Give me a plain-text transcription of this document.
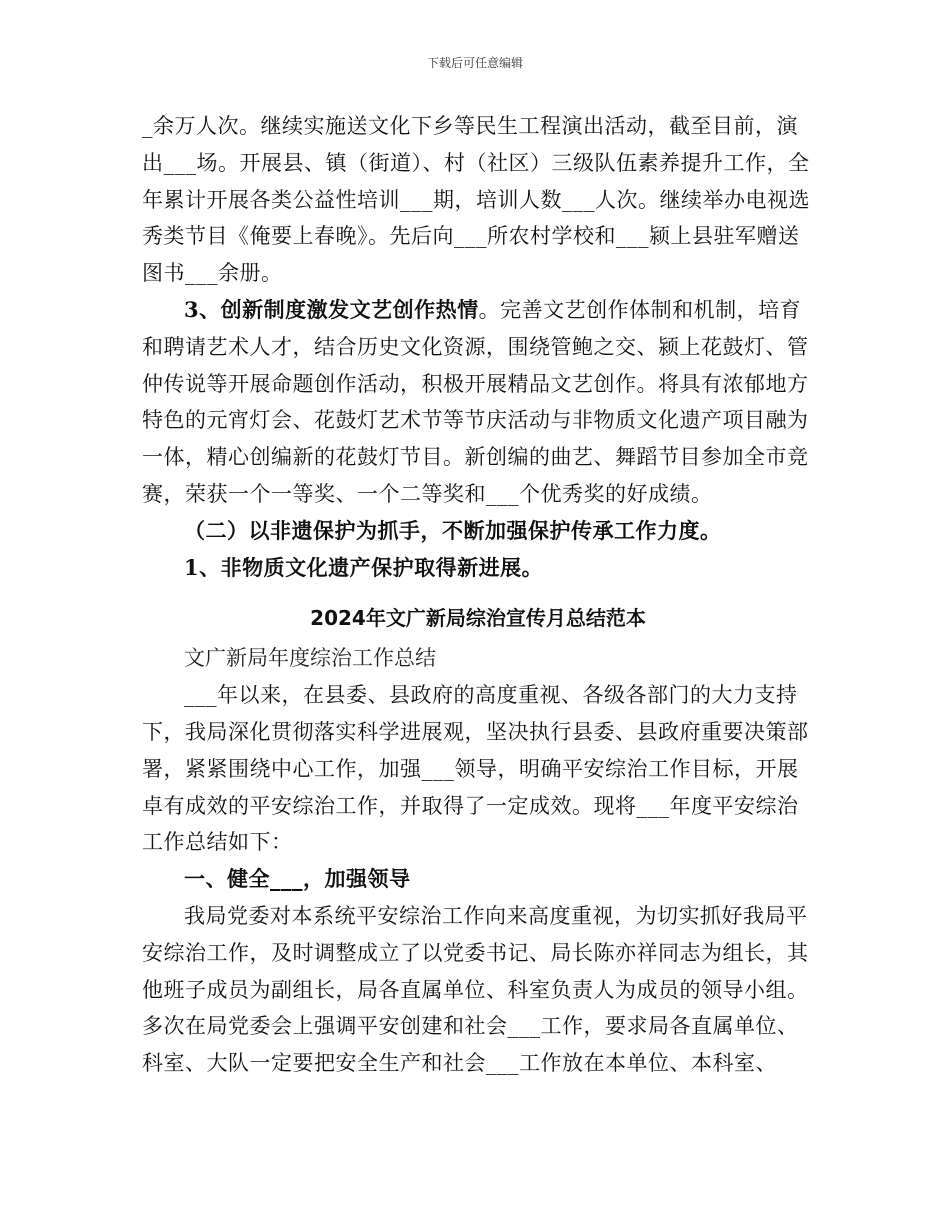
下载后可任意编辑

_余万人次。继续实施送文化下乡等民生工程演出活动，截至目前，演出___场。开展县、镇（街道）、村（社区）三级队伍素养提升工作，全年累计开展各类公益性培训___期，培训人数___人次。继续举办电视选秀类节目《俺要上春晚》。先后向___所农村学校和___颍上县驻军赠送图书___余册。

3、创新制度激发文艺创作热情。完善文艺创作体制和机制，培育和聘请艺术人才，结合历史文化资源，围绕管鲍之交、颍上花鼓灯、管仲传说等开展命题创作活动，积极开展精品文艺创作。将具有浓郁地方特色的元宵灯会、花鼓灯艺术节等节庆活动与非物质文化遗产项目融为一体，精心创编新的花鼓灯节目。新创编的曲艺、舞蹈节目参加全市竞赛，荣获一个一等奖、一个二等奖和___个优秀奖的好成绩。

（二）以非遗保护为抓手，不断加强保护传承工作力度。

1、非物质文化遗产保护取得新进展。

2024年文广新局综治宣传月总结范本

文广新局年度综治工作总结

___年以来，在县委、县政府的高度重视、各级各部门的大力支持下，我局深化贯彻落实科学进展观，坚决执行县委、县政府重要决策部署，紧紧围绕中心工作，加强___领导，明确平安综治工作目标，开展卓有成效的平安综治工作，并取得了一定成效。现将___年度平安综治工作总结如下：

一、健全___，加强领导

我局党委对本系统平安综治工作向来高度重视，为切实抓好我局平安综治工作，及时调整成立了以党委书记、局长陈亦祥同志为组长，其他班子成员为副组长，局各直属单位、科室负责人为成员的领导小组。多次在局党委会上强调平安创建和社会___工作，要求局各直属单位、科室、大队一定要把安全生产和社会___工作放在本单位、本科室、
